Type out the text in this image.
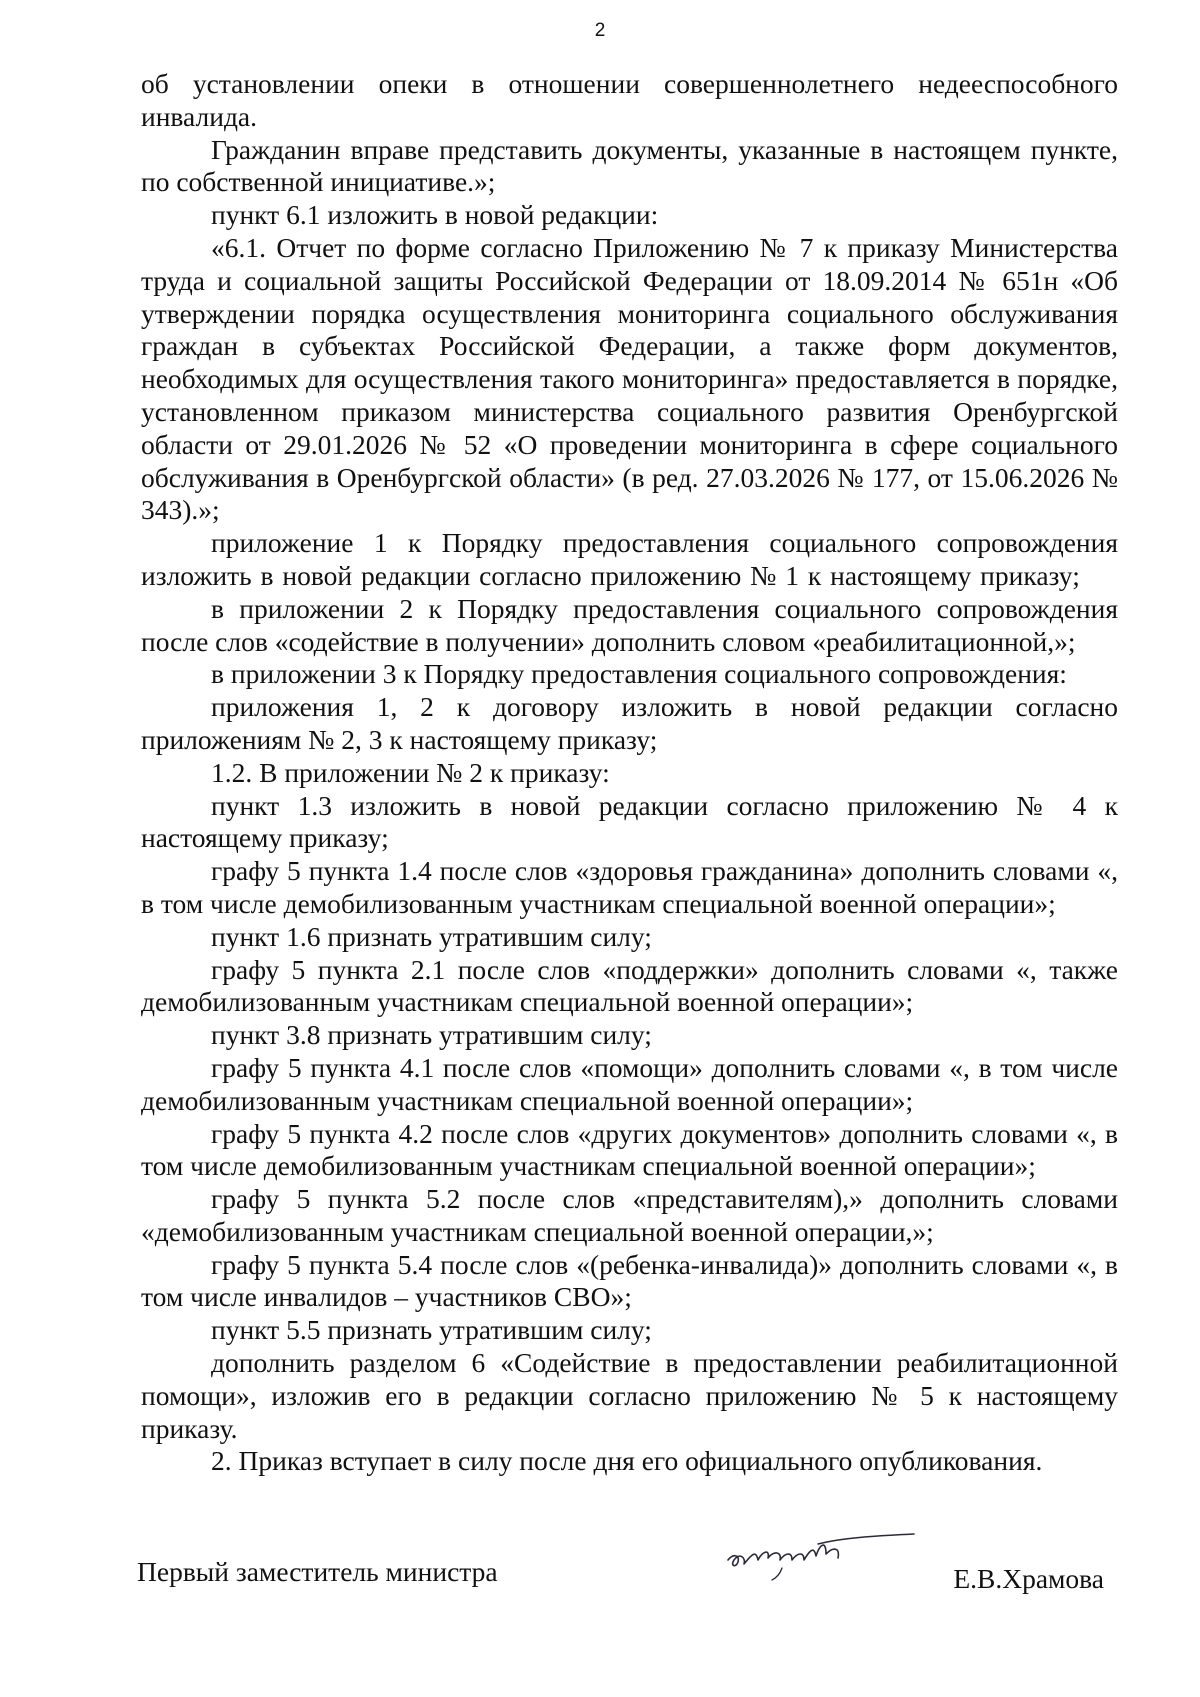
2

об установлении опеки в отношении совершеннолетнего недееспособного инвалида.

Гражданин вправе представить документы, указанные в настоящем пункте, по собственной инициативе.»;

пункт 6.1 изложить в новой редакции:

«6.1. Отчет по форме согласно Приложению № 7 к приказу Министерства труда и социальной защиты Российской Федерации от 18.09.2014 № 651н «Об утверждении порядка осуществления мониторинга социального обслуживания граждан в субъектах Российской Федерации, а также форм документов, необходимых для осуществления такого мониторинга» предоставляется в порядке, установленном приказом министерства социального развития Оренбургской области от 29.01.2026 № 52 «О проведении мониторинга в сфере социального обслуживания в Оренбургской области» (в ред. 27.03.2026 № 177, от 15.06.2026 № 343).»;

приложение 1 к Порядку предоставления социального сопровождения изложить в новой редакции согласно приложению № 1 к настоящему приказу;

в приложении 2 к Порядку предоставления социального сопровождения после слов «содействие в получении» дополнить словом «реабилитационной,»;

в приложении 3 к Порядку предоставления социального сопровождения:

приложения 1, 2 к договору изложить в новой редакции согласно приложениям № 2, 3 к настоящему приказу;

1.2. В приложении № 2 к приказу:

пункт 1.3 изложить в новой редакции согласно приложению № 4 к настоящему приказу;

графу 5 пункта 1.4 после слов «здоровья гражданина» дополнить словами «, в том числе демобилизованным участникам специальной военной операции»;

пункт 1.6 признать утратившим силу;

графу 5 пункта 2.1 после слов «поддержки» дополнить словами «, также демобилизованным участникам специальной военной операции»;

пункт 3.8 признать утратившим силу;

графу 5 пункта 4.1 после слов «помощи» дополнить словами «, в том числе демобилизованным участникам специальной военной операции»;

графу 5 пункта 4.2 после слов «других документов» дополнить словами «, в том числе демобилизованным участникам специальной военной операции»;

графу 5 пункта 5.2 после слов «представителям),» дополнить словами «демобилизованным участникам специальной военной операции,»;

графу 5 пункта 5.4 после слов «(ребенка-инвалида)» дополнить словами «, в том числе инвалидов – участников СВО»;

пункт 5.5 признать утратившим силу;

дополнить разделом 6 «Содействие в предоставлении реабилитационной помощи», изложив его в редакции согласно приложению № 5 к настоящему приказу.

2. Приказ вступает в силу после дня его официального опубликования.

Первый заместитель министра	Е.В.Храмова
